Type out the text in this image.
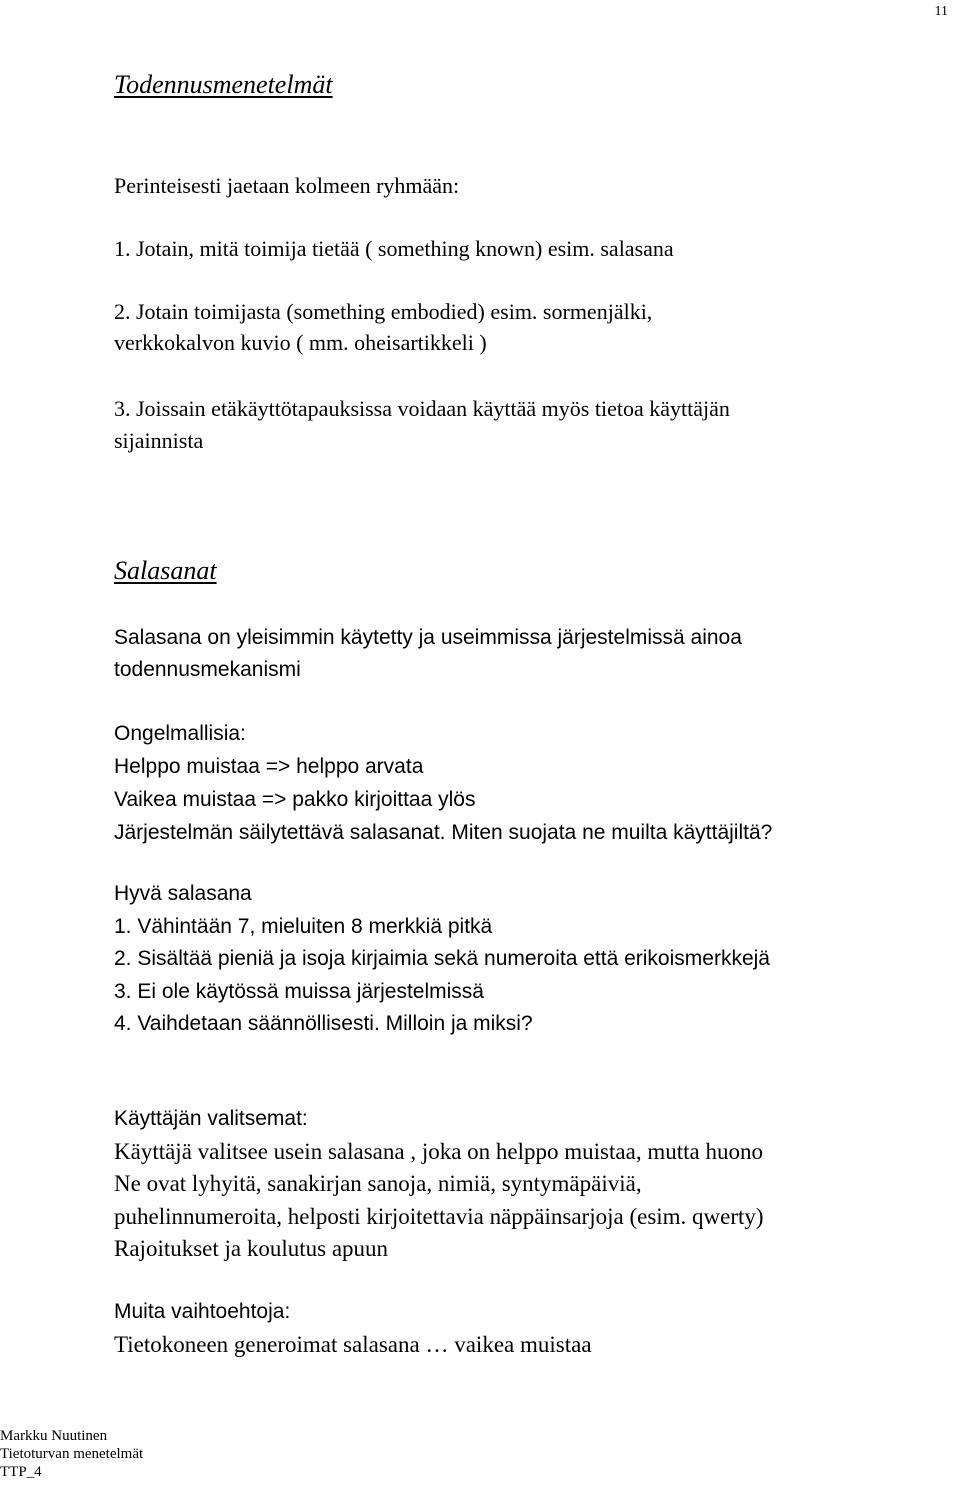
11
Todennusmenetelmät
Perinteisesti jaetaan kolmeen ryhmään:
1. Jotain, mitä toimija tietää ( something known) esim. salasana
2. Jotain toimijasta (something embodied) esim. sormenjälki,
verkkokalvon kuvio ( mm. oheisartikkeli )
3. Joissain etäkäyttötapauksissa voidaan käyttää myös tietoa käyttäjän
sijainnista
Salasanat
Salasana on yleisimmin käytetty ja useimmissa järjestelmissä ainoa
todennusmekanismi
Ongelmallisia:
Helppo muistaa => helppo arvata
Vaikea muistaa => pakko kirjoittaa ylös
Järjestelmän säilytettävä salasanat. Miten suojata ne muilta käyttäjiltä?
Hyvä salasana
1. Vähintään 7, mieluiten 8 merkkiä pitkä
2. Sisältää pieniä ja isoja kirjaimia sekä numeroita että erikoismerkkejä
3. Ei ole käytössä muissa järjestelmissä
4. Vaihdetaan säännöllisesti. Milloin ja miksi?
Käyttäjän valitsemat:
Käyttäjä valitsee usein salasana , joka on helppo muistaa, mutta huono
Ne ovat lyhyitä, sanakirjan sanoja, nimiä, syntymäpäiviä,
puhelinnumeroita, helposti kirjoitettavia näppäinsarjoja (esim. qwerty)
Rajoitukset ja koulutus apuun
Muita vaihtoehtoja:
Tietokoneen generoimat salasana … vaikea muistaa
Markku Nuutinen
Tietoturvan menetelmät
TTP_4
